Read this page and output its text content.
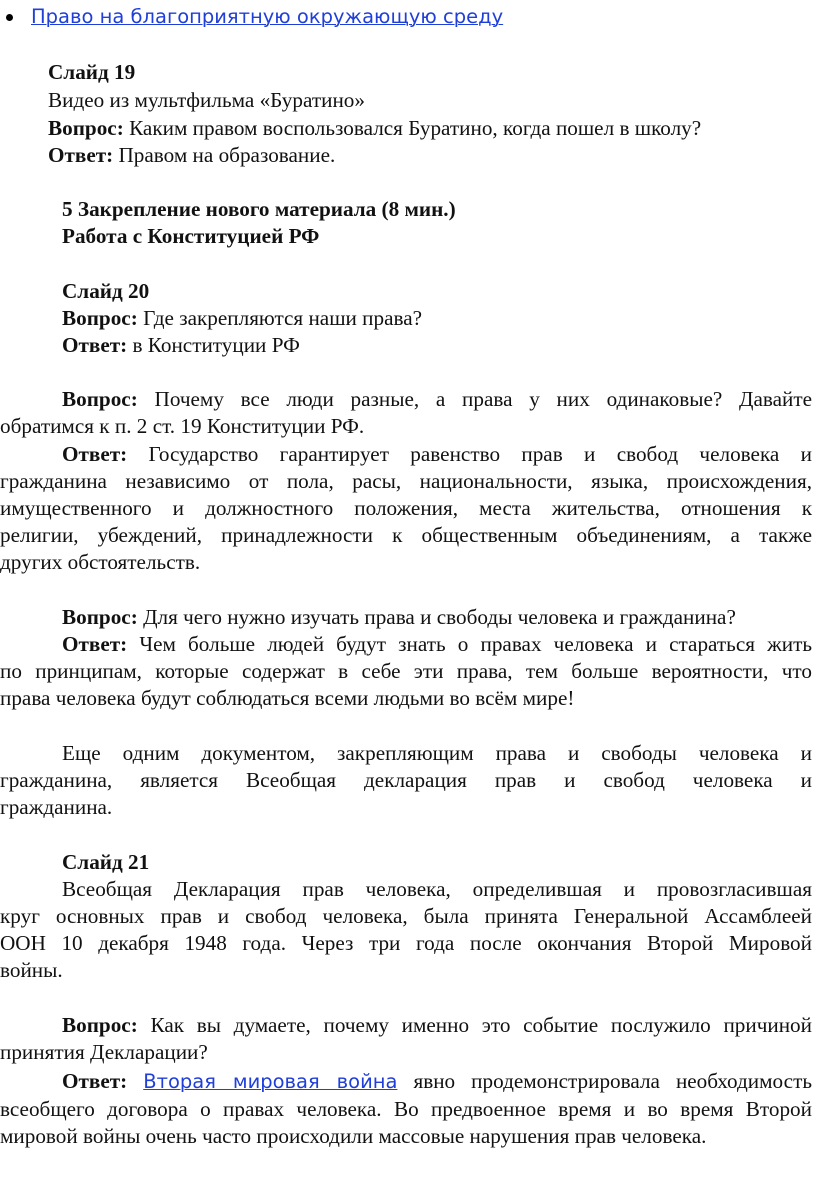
Право на благоприятную окружающую среду
Слайд 19
Видео из мультфильма «Буратино»
Вопрос: Каким правом воспользовался Буратино, когда пошел в школу?
Ответ: Правом на образование.
5 Закрепление нового материала (8 мин.)
Работа с Конституцией РФ
Слайд 20
Вопрос: Где закрепляются наши права?
Ответ: в Конституции РФ
Вопрос: Почему все люди разные, а права у них одинаковые? Давайте
обратимся к п. 2 ст. 19 Конституции РФ.
Ответ: Государство гарантирует равенство прав и свобод человека и
гражданина независимо от пола, расы, национальности, языка, происхождения,
имущественного и должностного положения, места жительства, отношения к
религии, убеждений, принадлежности к общественным объединениям, а также
других обстоятельств.
Вопрос: Для чего нужно изучать права и свободы человека и гражданина?
Ответ: Чем больше людей будут знать о правах человека и стараться жить
по принципам, которые содержат в себе эти права, тем больше вероятности, что
права человека будут соблюдаться всеми людьми во всём мире!
Еще одним документом, закрепляющим права и свободы человека и
гражданина, является Всеобщая декларация прав и свобод человека и
гражданина.
Слайд 21
Всеобщая Декларация прав человека, определившая и провозгласившая
круг основных прав и свобод человека, была принята Генеральной Ассамблеей
ООН 10 декабря 1948 года. Через три года после окончания Второй Мировой
войны.
Вопрос: Как вы думаете, почему именно это событие послужило причиной
принятия Декларации?
Ответ: Вторая мировая война явно продемонстрировала необходимость
всеобщего договора о правах человека. Во предвоенное время и во время Второй
мировой войны очень часто происходили массовые нарушения прав человека.
